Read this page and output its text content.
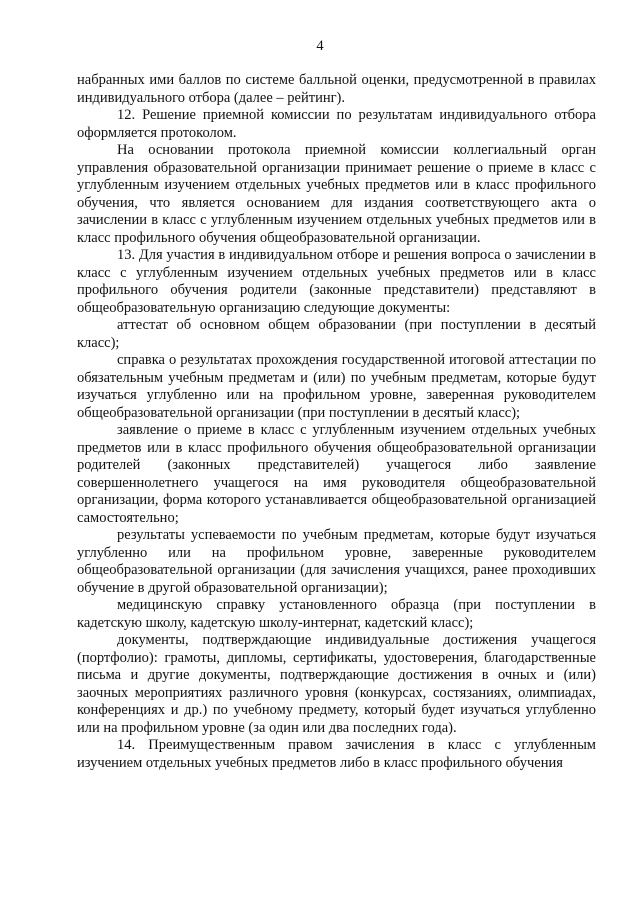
4

набранных ими баллов по системе балльной оценки, предусмотренной в правилах индивидуального отбора (далее – рейтинг).

12. Решение приемной комиссии по результатам индивидуального отбора оформляется протоколом.

На основании протокола приемной комиссии коллегиальный орган управления образовательной организации принимает решение о приеме в класс с углубленным изучением отдельных учебных предметов или в класс профильного обучения, что является основанием для издания соответствующего акта о зачислении в класс с углубленным изучением отдельных учебных предметов или в класс профильного обучения общеобразовательной организации.

13. Для участия в индивидуальном отборе и решения вопроса о зачислении в класс с углубленным изучением отдельных учебных предметов или в класс профильного обучения родители (законные представители) представляют в общеобразовательную организацию следующие документы:

аттестат об основном общем образовании (при поступлении в десятый класс);

справка о результатах прохождения государственной итоговой аттестации по обязательным учебным предметам и (или) по учебным предметам, которые будут изучаться углубленно или на профильном уровне, заверенная руководителем общеобразовательной организации (при поступлении в десятый класс);

заявление о приеме в класс с углубленным изучением отдельных учебных предметов или в класс профильного обучения общеобразовательной организации родителей (законных представителей) учащегося либо заявление совершеннолетнего учащегося на имя руководителя общеобразовательной организации, форма которого устанавливается общеобразовательной организацией самостоятельно;

результаты успеваемости по учебным предметам, которые будут изучаться углубленно или на профильном уровне, заверенные руководителем общеобразовательной организации (для зачисления учащихся, ранее проходивших обучение в другой образовательной организации);

медицинскую справку установленного образца (при поступлении в кадетскую школу, кадетскую школу-интернат, кадетский класс);

документы, подтверждающие индивидуальные достижения учащегося (портфолио): грамоты, дипломы, сертификаты, удостоверения, благодарственные письма и другие документы, подтверждающие достижения в очных и (или) заочных мероприятиях различного уровня (конкурсах, состязаниях, олимпиадах, конференциях и др.) по учебному предмету, который будет изучаться углубленно или на профильном уровне (за один или два последних года).

14. Преимущественным правом зачисления в класс с углубленным изучением отдельных учебных предметов либо в класс профильного обучения
